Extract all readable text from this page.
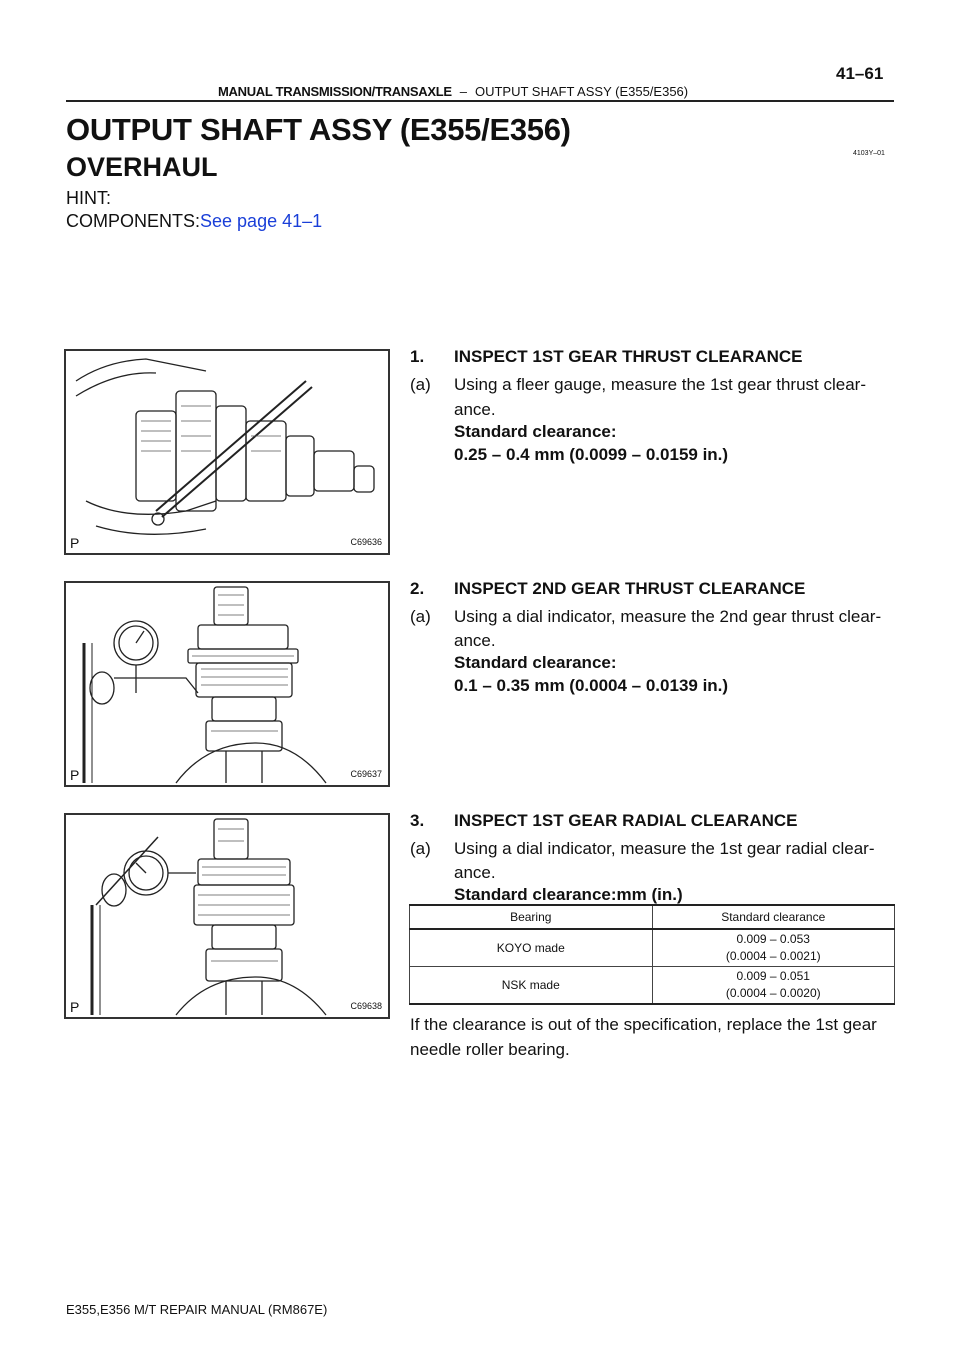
MANUAL TRANSMISSION/TRANSAXLE – OUTPUT SHAFT ASSY (E355/E356)
41–61
OUTPUT SHAFT ASSY (E355/E356)
OVERHAUL	4103Y–01
HINT:
COMPONENTS:See page 41–1
P	C69636
P	C69637
P	C69638
1. INSPECT 1ST GEAR THRUST CLEARANCE
(a) Using a fleer gauge, measure the 1st gear thrust clear-
ance.
Standard clearance:
0.25 – 0.4 mm (0.0099 – 0.0159 in.)
2. INSPECT 2ND GEAR THRUST CLEARANCE
(a) Using a dial indicator, measure the 2nd gear thrust clear-
ance.
Standard clearance:
0.1 – 0.35 mm (0.0004 – 0.0139 in.)
3. INSPECT 1ST GEAR RADIAL CLEARANCE
(a) Using a dial indicator, measure the 1st gear radial clear-
ance.
Standard clearance:mm (in.)
Bearing	Standard clearance
KOYO made	0.009 – 0.053
(0.0004 – 0.0021)

NSK made	0.009 – 0.051
(0.0004 – 0.0020)
If the clearance is out of the specification, replace the 1st gear
needle roller bearing.
E355,E356 M/T REPAIR MANUAL (RM867E)
